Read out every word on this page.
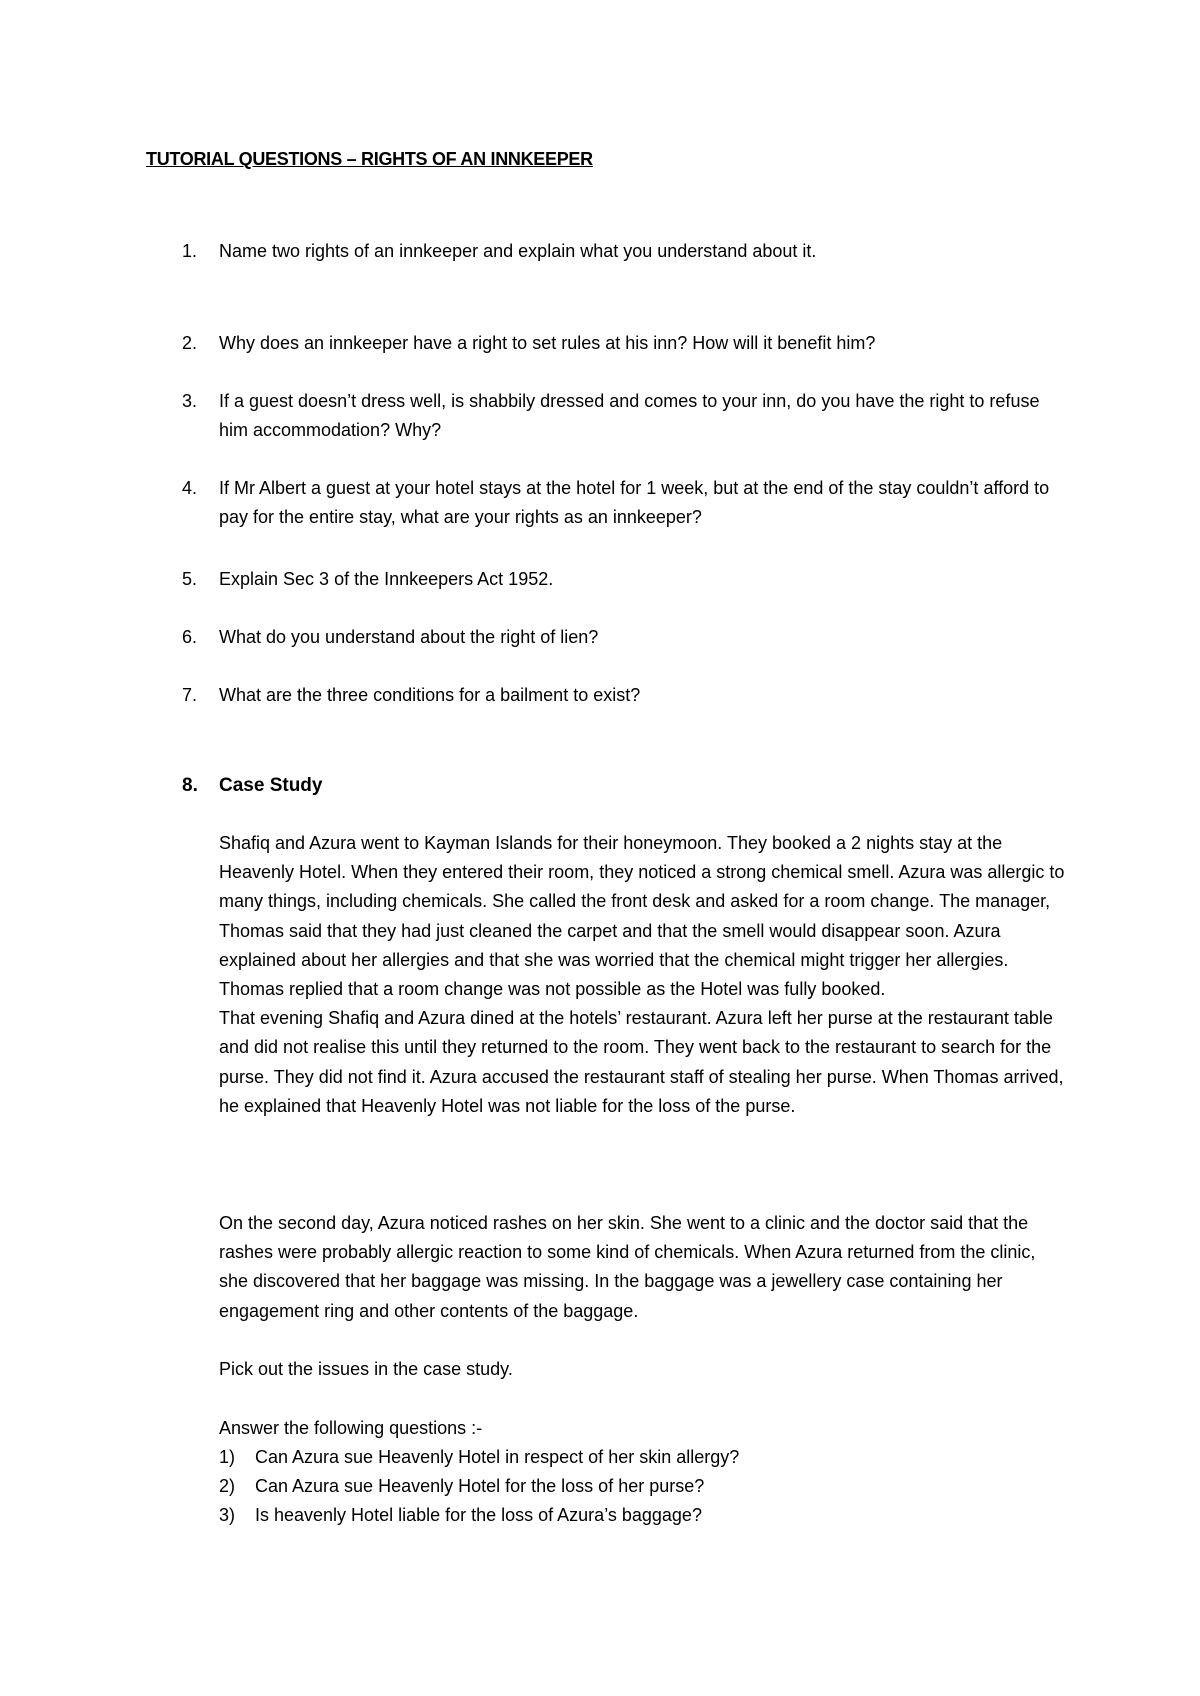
TUTORIAL QUESTIONS – RIGHTS OF AN INNKEEPER
1. Name two rights of an innkeeper and explain what you understand about it.
2. Why does an innkeeper have a right to set rules at his inn? How will it benefit him?
3. If a guest doesn’t dress well, is shabbily dressed and comes to your inn, do you have the right to refuse him accommodation? Why?
4. If Mr Albert a guest at your hotel stays at the hotel for 1 week, but at the end of the stay couldn’t afford to pay for the entire stay, what are your rights as an innkeeper?
5. Explain Sec 3 of the Innkeepers Act 1952.
6. What do you understand about the right of lien?
7. What are the three conditions for a bailment to exist?
8. Case Study

Shafiq and Azura went to Kayman Islands for their honeymoon. They booked a 2 nights stay at the Heavenly Hotel. When they entered their room, they noticed a strong chemical smell. Azura was allergic to many things, including chemicals. She called the front desk and asked for a room change. The manager, Thomas said that they had just cleaned the carpet and that the smell would disappear soon. Azura explained about her allergies and that she was worried that the chemical might trigger her allergies. Thomas replied that a room change was not possible as the Hotel was fully booked.

That evening Shafiq and Azura dined at the hotels’ restaurant. Azura left her purse at the restaurant table and did not realise this until they returned to the room. They went back to the restaurant to search for the purse. They did not find it. Azura accused the restaurant staff of stealing her purse. When Thomas arrived, he explained that Heavenly Hotel was not liable for the loss of the purse.

On the second day, Azura noticed rashes on her skin. She went to a clinic and the doctor said that the rashes were probably allergic reaction to some kind of chemicals. When Azura returned from the clinic, she discovered that her baggage was missing. In the baggage was a jewellery case containing her engagement ring and other contents of the baggage.

Pick out the issues in the case study.

Answer the following questions :-

1) Can Azura sue Heavenly Hotel in respect of her skin allergy?
2) Can Azura sue Heavenly Hotel for the loss of her purse?
3) Is heavenly Hotel liable for the loss of Azura’s baggage?
